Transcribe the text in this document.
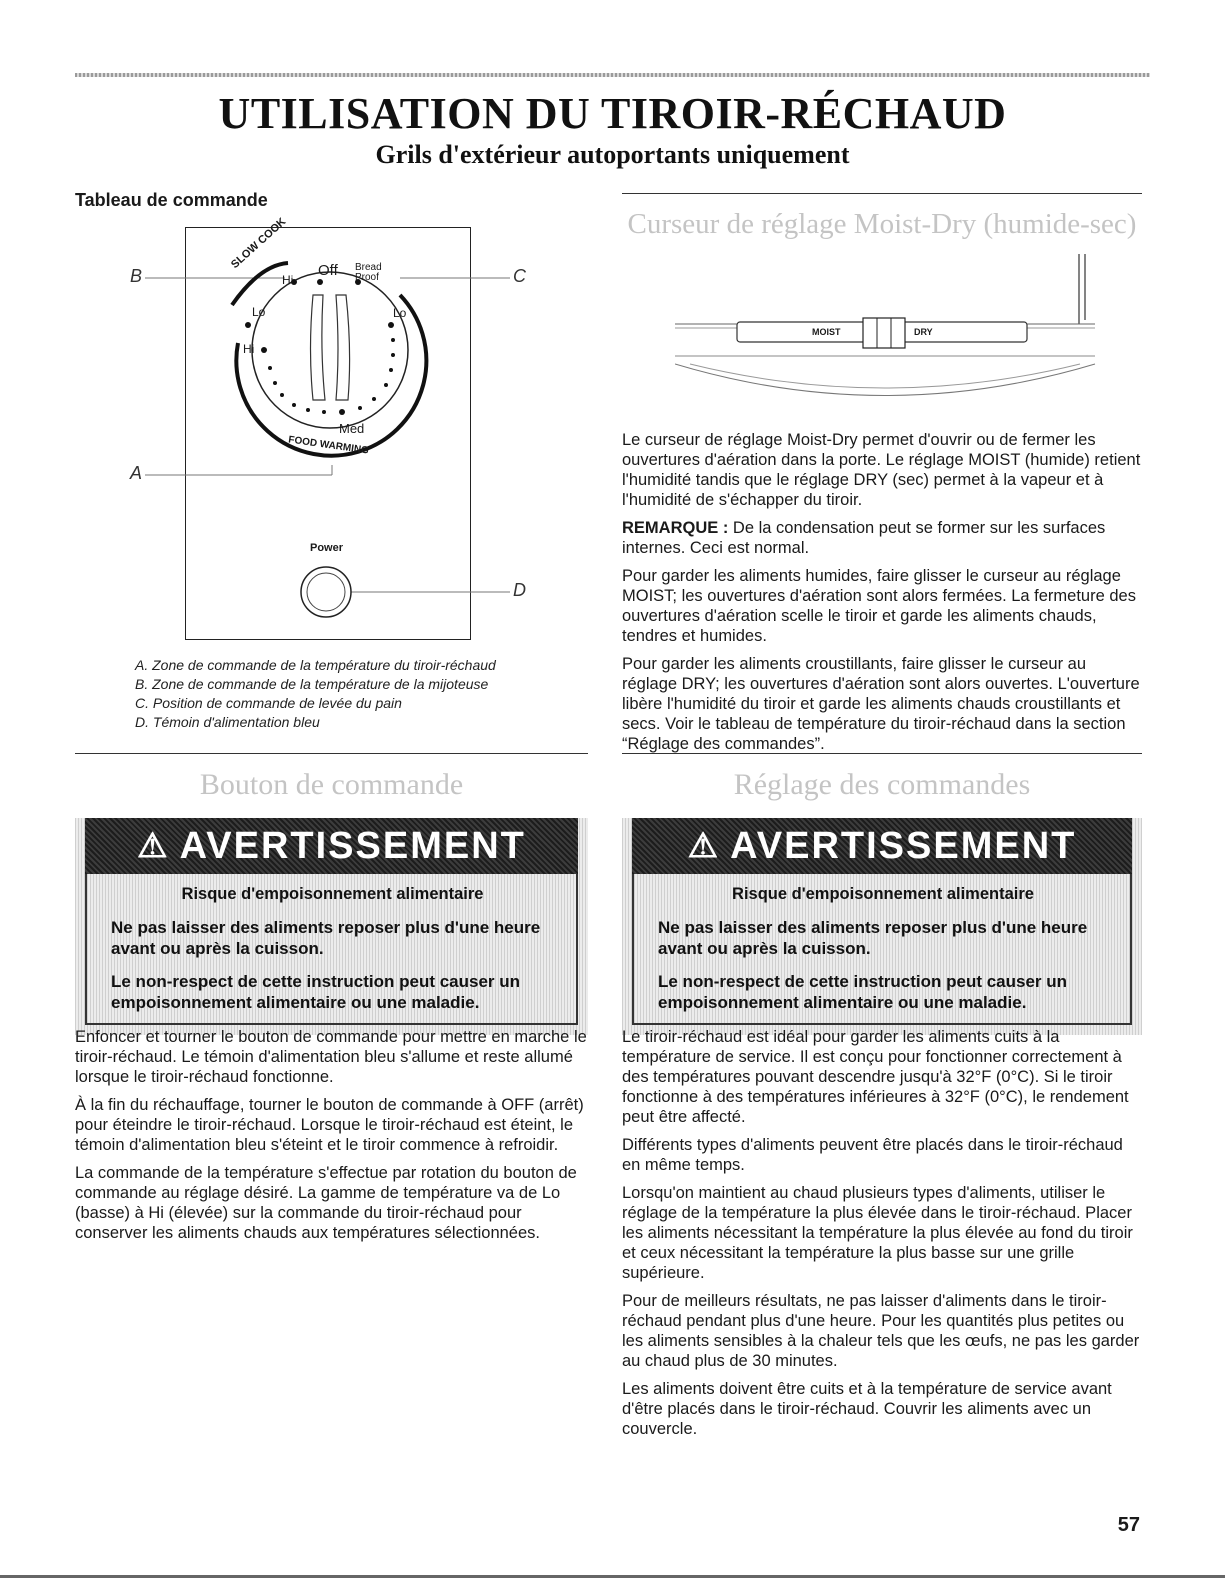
UTILISATION DU TIROIR-RÉCHAUD
Grils d'extérieur autoportants uniquement
Tableau de commande
B	C
A
D
SLOW COOK Off Bread
Proof
Hi
Lo	Lo
Hi
Med
FOOD WARMING
Power
A. Zone de commande de la température du tiroir-réchaud
B. Zone de commande de la température de la mijoteuse
C. Position de commande de levée du pain
D. Témoin d'alimentation bleu
Bouton de commande
⚠ AVERTISSEMENT
Risque d'empoisonnement alimentaire
Ne pas laisser des aliments reposer plus d'une heure avant ou après la cuisson.
Le non-respect de cette instruction peut causer un empoisonnement alimentaire ou une maladie.

Enfoncer et tourner le bouton de commande pour mettre en marche le tiroir-réchaud. Le témoin d'alimentation bleu s'allume et reste allumé lorsque le tiroir-réchaud fonctionne.

À la fin du réchauffage, tourner le bouton de commande à OFF (arrêt) pour éteindre le tiroir-réchaud. Lorsque le tiroir-réchaud est éteint, le témoin d'alimentation bleu s'éteint et le tiroir commence à refroidir.

La commande de la température s'effectue par rotation du bouton de commande au réglage désiré. La gamme de température va de Lo (basse) à Hi (élevée) sur la commande du tiroir-réchaud pour conserver les aliments chauds aux températures sélectionnées.

Curseur de réglage Moist-Dry (humide-sec)
MOIST	DRY

Le curseur de réglage Moist-Dry permet d'ouvrir ou de fermer les ouvertures d'aération dans la porte. Le réglage MOIST (humide) retient l'humidité tandis que le réglage DRY (sec) permet à la vapeur et à l'humidité de s'échapper du tiroir.

REMARQUE : De la condensation peut se former sur les surfaces internes. Ceci est normal.

Pour garder les aliments humides, faire glisser le curseur au réglage MOIST; les ouvertures d'aération sont alors fermées. La fermeture des ouvertures d'aération scelle le tiroir et garde les aliments chauds, tendres et humides.

Pour garder les aliments croustillants, faire glisser le curseur au réglage DRY; les ouvertures d'aération sont alors ouvertes. L'ouverture libère l'humidité du tiroir et garde les aliments chauds croustillants et secs. Voir le tableau de température du tiroir-réchaud dans la section “Réglage des commandes”.

Réglage des commandes
⚠ AVERTISSEMENT
Risque d'empoisonnement alimentaire
Ne pas laisser des aliments reposer plus d'une heure avant ou après la cuisson.
Le non-respect de cette instruction peut causer un empoisonnement alimentaire ou une maladie.

Le tiroir-réchaud est idéal pour garder les aliments cuits à la température de service. Il est conçu pour fonctionner correctement à des températures pouvant descendre jusqu'à 32°F (0°C). Si le tiroir fonctionne à des températures inférieures à 32°F (0°C), le rendement peut être affecté.

Différents types d'aliments peuvent être placés dans le tiroir-réchaud en même temps.

Lorsqu'on maintient au chaud plusieurs types d'aliments, utiliser le réglage de la température la plus élevée dans le tiroir-réchaud. Placer les aliments nécessitant la température la plus élevée au fond du tiroir et ceux nécessitant la température la plus basse sur une grille supérieure.

Pour de meilleurs résultats, ne pas laisser d'aliments dans le tiroir-réchaud pendant plus d'une heure. Pour les quantités plus petites ou les aliments sensibles à la chaleur tels que les œufs, ne pas les garder au chaud plus de 30 minutes.

Les aliments doivent être cuits et à la température de service avant d'être placés dans le tiroir-réchaud. Couvrir les aliments avec un couvercle.

57
